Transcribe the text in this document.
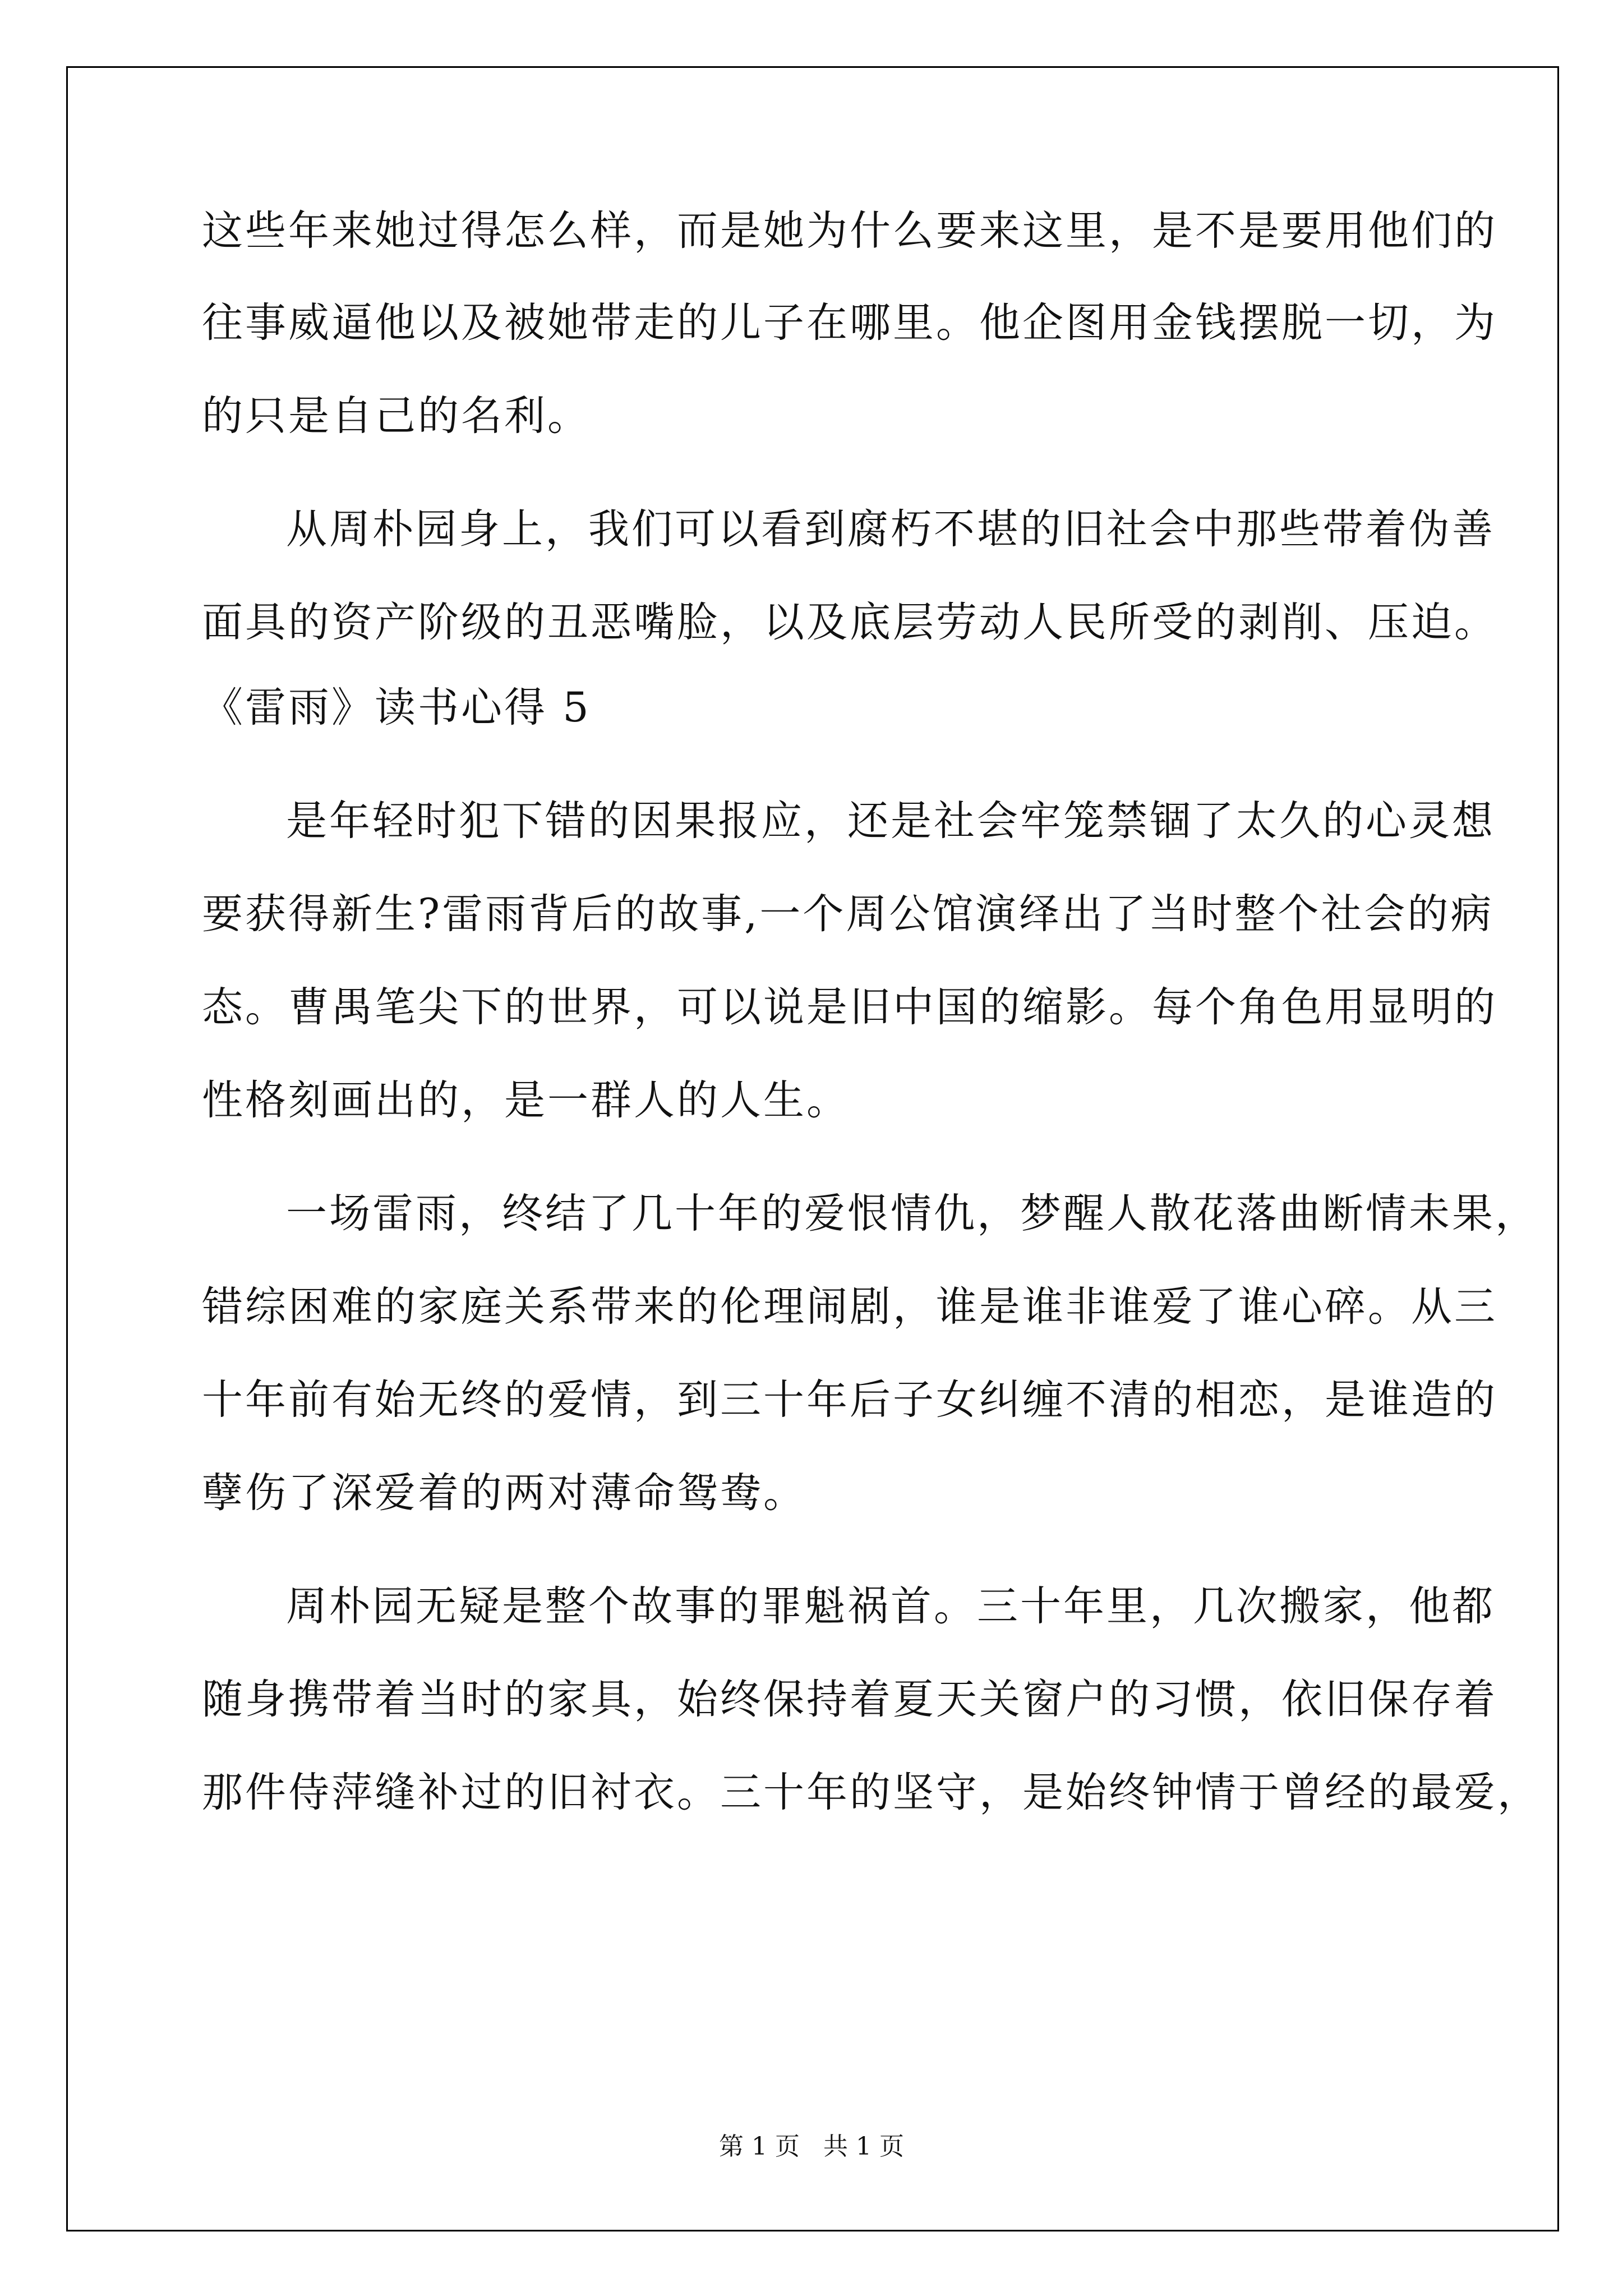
这些年来她过得怎么样，而是她为什么要来这里，是不是要用他们的
往事威逼他以及被她带走的儿子在哪里。他企图用金钱摆脱一切，为
的只是自己的名利。
从周朴园身上，我们可以看到腐朽不堪的旧社会中那些带着伪善
面具的资产阶级的丑恶嘴脸，以及底层劳动人民所受的剥削、压迫。
《雷雨》读书心得 5
是年轻时犯下错的因果报应，还是社会牢笼禁锢了太久的心灵想
要获得新生?雷雨背后的故事,一个周公馆演绎出了当时整个社会的病
态。曹禺笔尖下的世界，可以说是旧中国的缩影。每个角色用显明的
性格刻画出的，是一群人的人生。
一场雷雨，终结了几十年的爱恨情仇，梦醒人散花落曲断情未果，
错综困难的家庭关系带来的伦理闹剧，谁是谁非谁爱了谁心碎。从三
十年前有始无终的爱情，到三十年后子女纠缠不清的相恋，是谁造的
孽伤了深爱着的两对薄命鸳鸯。
周朴园无疑是整个故事的罪魁祸首。三十年里，几次搬家，他都
随身携带着当时的家具，始终保持着夏天关窗户的习惯，依旧保存着
那件侍萍缝补过的旧衬衣。三十年的坚守，是始终钟情于曾经的最爱，
第 1 页 共 1 页
